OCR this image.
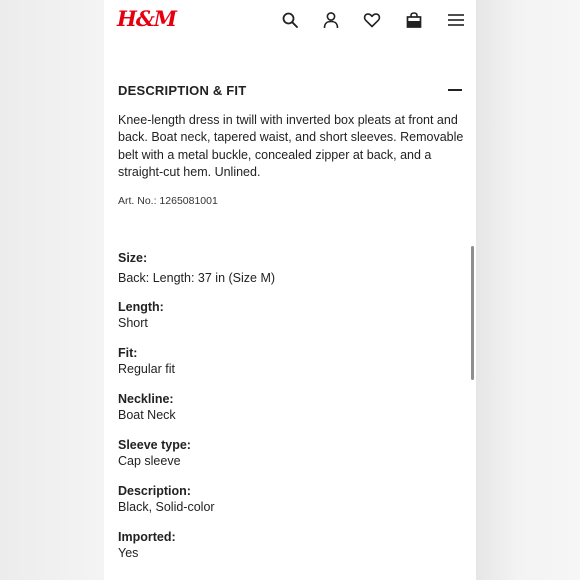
H&M
DESCRIPTION & FIT
Knee-length dress in twill with inverted box pleats at front and back. Boat neck, tapered waist, and short sleeves. Removable belt with a metal buckle, concealed zipper at back, and a straight-cut hem. Unlined.
Art. No.: 1265081001
Size:
Back: Length: 37 in (Size M)
Length:
Short
Fit:
Regular fit
Neckline:
Boat Neck
Sleeve type:
Cap sleeve
Description:
Black, Solid-color
Imported:
Yes
